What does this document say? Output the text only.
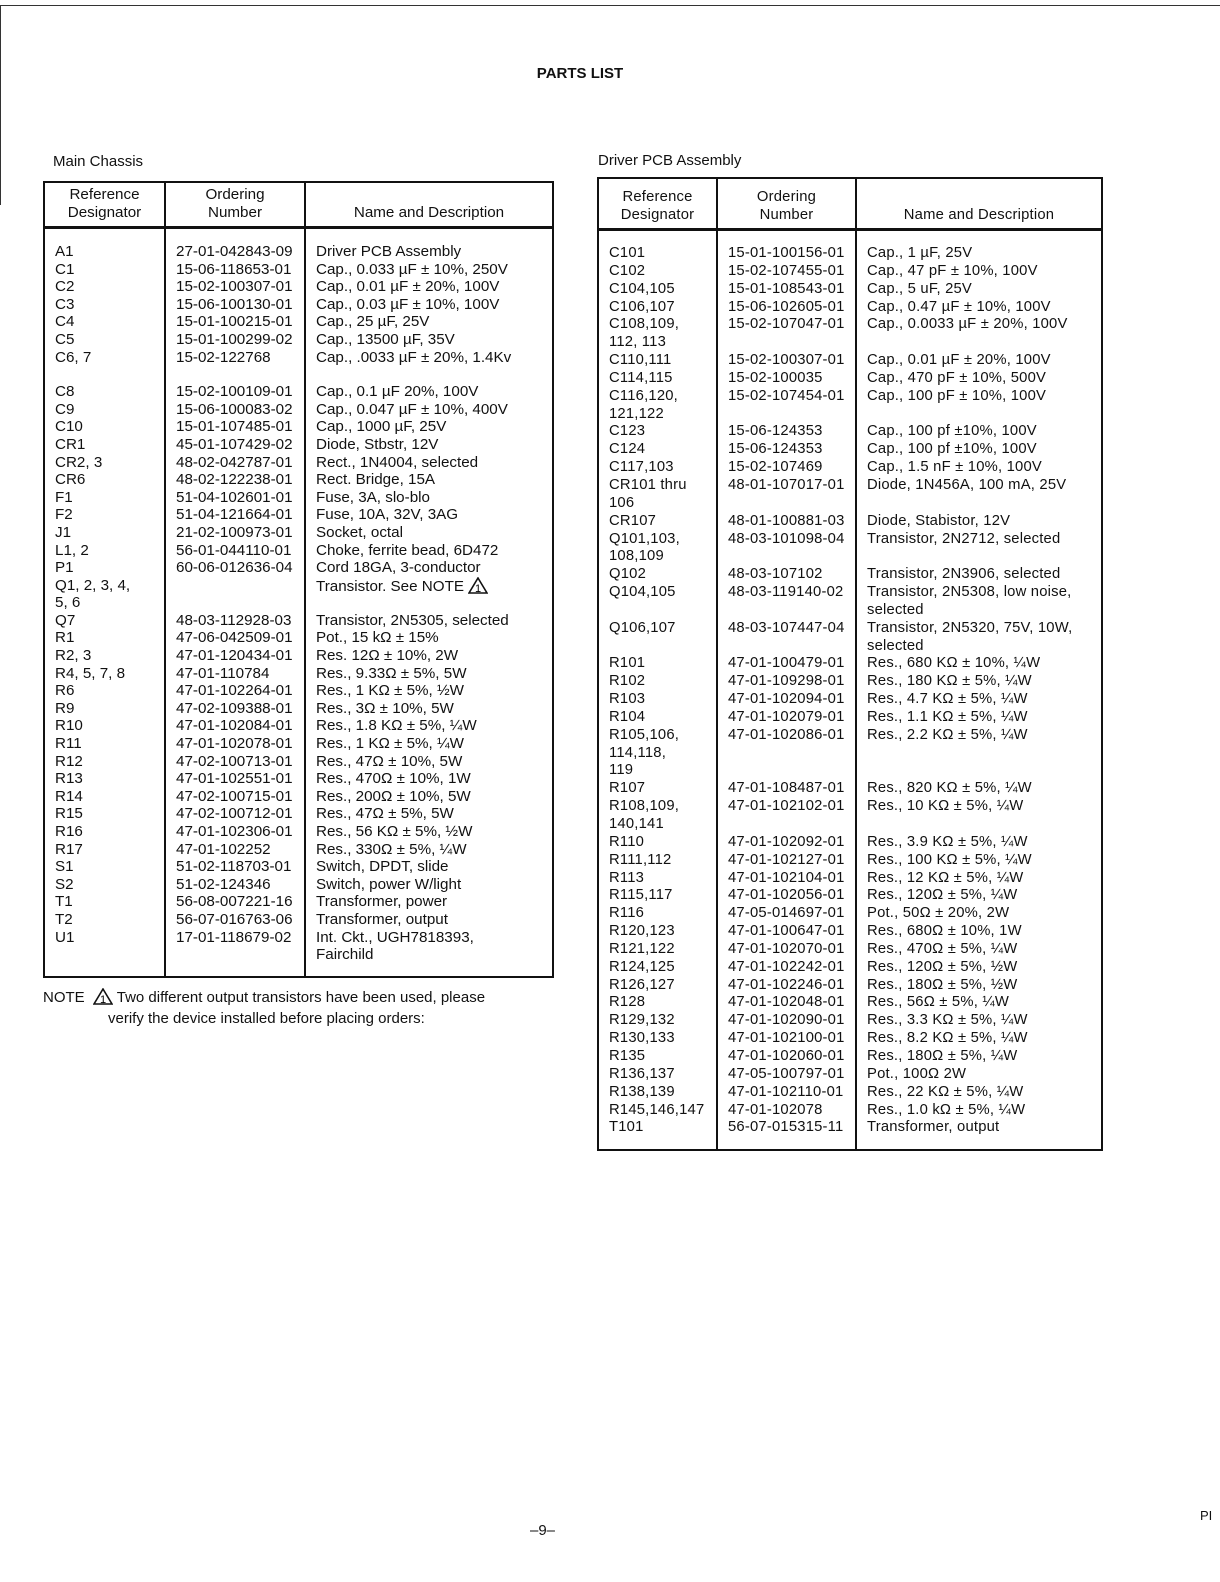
PARTS LIST
Main Chassis	Driver PCB Assembly
Reference
Designator	Ordering
Number	Name and Description
A1	27-01-042843-09	Driver PCB Assembly
C1	15-06-118653-01	Cap., 0.033 µF ± 10%, 250V
C2	15-02-100307-01	Cap., 0.01 µF ± 20%, 100V
C3	15-06-100130-01	Cap., 0.03 µF ± 10%, 100V
C4	15-01-100215-01	Cap., 25 µF, 25V
C5	15-01-100299-02	Cap., 13500 µF, 35V
C6, 7	15-02-122768	Cap., .0033 µF ± 20%, 1.4Kv
C8	15-02-100109-01	Cap., 0.1 µF 20%, 100V
C9	15-06-100083-02	Cap., 0.047 µF ± 10%, 400V
C10	15-01-107485-01	Cap., 1000 µF, 25V
CR1	45-01-107429-02	Diode, Stbstr, 12V
CR2, 3	48-02-042787-01	Rect., 1N4004, selected
CR6	48-02-122238-01	Rect. Bridge, 15A
F1	51-04-102601-01	Fuse, 3A, slo-blo
F2	51-04-121664-01	Fuse, 10A, 32V, 3AG
J1	21-02-100973-01	Socket, octal
L1, 2	56-01-044110-01	Choke, ferrite bead, 6D472
P1	60-06-012636-04	Cord 18GA, 3-conductor
Q1, 2, 3, 4,
5, 6		Transistor. See NOTE 1

Q7	48-03-112928-03	Transistor, 2N5305, selected
R1	47-06-042509-01	Pot., 15 kΩ ± 15%
R2, 3	47-01-120434-01	Res. 12Ω ± 10%, 2W
R4, 5, 7, 8	47-01-110784	Res., 9.33Ω ± 5%, 5W
R6	47-01-102264-01	Res., 1 KΩ ± 5%, ½W
R9	47-02-109388-01	Res., 3Ω ± 10%, 5W
R10	47-01-102084-01	Res., 1.8 KΩ ± 5%, ¼W
R11	47-01-102078-01	Res., 1 KΩ ± 5%, ¼W
R12	47-02-100713-01	Res., 47Ω ± 10%, 5W
R13	47-01-102551-01	Res., 470Ω ± 10%, 1W
R14	47-02-100715-01	Res., 200Ω ± 10%, 5W
R15	47-02-100712-01	Res., 47Ω ± 5%, 5W
R16	47-01-102306-01	Res., 56 KΩ ± 5%, ½W
R17	47-01-102252	Res., 330Ω ± 5%, ¼W
S1	51-02-118703-01	Switch, DPDT, slide
S2	51-02-124346	Switch, power W/light
T1	56-08-007221-16	Transformer, power
T2	56-07-016763-06	Transformer, output
U1	17-01-118679-02	Int. Ckt., UGH7818393,
Fairchild
Reference
Designator	Ordering
Number	Name and Description
C101	15-01-100156-01	Cap., 1 µF, 25V
C102	15-02-107455-01	Cap., 47 pF ± 10%, 100V
C104,105	15-01-108543-01	Cap., 5 uF, 25V
C106,107	15-06-102605-01	Cap., 0.47 µF ± 10%, 100V
C108,109,
112, 113	15-02-107047-01	Cap., 0.0033 µF ± 20%, 100V
C110,111	15-02-100307-01	Cap., 0.01 µF ± 20%, 100V
C114,115	15-02-100035	Cap., 470 pF ± 10%, 500V
C116,120,
121,122	15-02-107454-01	Cap., 100 pF ± 10%, 100V
C123	15-06-124353	Cap., 100 pf ±10%, 100V
C124	15-06-124353	Cap., 100 pf ±10%, 100V
C117,103	15-02-107469	Cap., 1.5 nF ± 10%, 100V
CR101 thru
106	48-01-107017-01	Diode, 1N456A, 100 mA, 25V
CR107	48-01-100881-03	Diode, Stabistor, 12V
Q101,103,
108,109	48-03-101098-04	Transistor, 2N2712, selected
Q102	48-03-107102	Transistor, 2N3906, selected
Q104,105	48-03-119140-02	Transistor, 2N5308, low noise,
selected
Q106,107	48-03-107447-04	Transistor, 2N5320, 75V, 10W,
selected
R101	47-01-100479-01	Res., 680 KΩ ± 10%, ¼W
R102	47-01-109298-01	Res., 180 KΩ ± 5%, ¼W
R103	47-01-102094-01	Res., 4.7 KΩ ± 5%, ¼W
R104	47-01-102079-01	Res., 1.1 KΩ ± 5%, ¼W
R105,106,
114,118,
119	47-01-102086-01	Res., 2.2 KΩ ± 5%, ¼W
R107	47-01-108487-01	Res., 820 KΩ ± 5%, ¼W
R108,109,
140,141	47-01-102102-01	Res., 10 KΩ ± 5%, ¼W
R110	47-01-102092-01	Res., 3.9 KΩ ± 5%, ¼W
R111,112	47-01-102127-01	Res., 100 KΩ ± 5%, ¼W
R113	47-01-102104-01	Res., 12 KΩ ± 5%, ¼W
R115,117	47-01-102056-01	Res., 120Ω ± 5%, ¼W
R116	47-05-014697-01	Pot., 50Ω ± 20%, 2W
R120,123	47-01-100647-01	Res., 680Ω ± 10%, 1W
R121,122	47-01-102070-01	Res., 470Ω ± 5%, ¼W
R124,125	47-01-102242-01	Res., 120Ω ± 5%, ½W
R126,127	47-01-102246-01	Res., 180Ω ± 5%, ½W
R128	47-01-102048-01	Res., 56Ω ± 5%, ¼W
R129,132	47-01-102090-01	Res., 3.3 KΩ ± 5%, ¼W
R130,133	47-01-102100-01	Res., 8.2 KΩ ± 5%, ¼W
R135	47-01-102060-01	Res., 180Ω ± 5%, ¼W
R136,137	47-05-100797-01	Pot., 100Ω 2W
R138,139	47-01-102110-01	Res., 22 KΩ ± 5%, ¼W
R145,146,147	47-01-102078	Res., 1.0 kΩ ± 5%, ¼W
T101	56-07-015315-11	Transformer, output
NOTE 1 Two different output transistors have been used, please
verify the device installed before placing orders:
–9–
PI
